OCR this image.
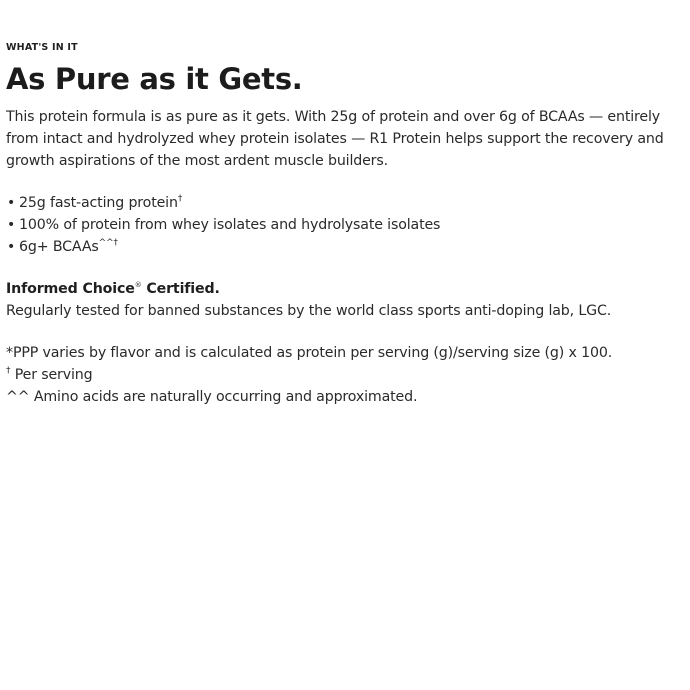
WHAT'S IN IT
As Pure as it Gets.

This protein formula is as pure as it gets. With 25g of protein and over 6g of BCAAs — entirely from intact and hydrolyzed whey protein isolates — R1 Protein helps support the recovery and growth aspirations of the most ardent muscle builders.

• 25g fast-acting protein†
• 100% of protein from whey isolates and hydrolysate isolates
• 6g+ BCAAs^^†
Informed Choice® Certified.

Regularly tested for banned substances by the world class sports anti-doping lab, LGC.

*PPP varies by flavor and is calculated as protein per serving (g)/serving size (g) x 100.

† Per serving

^^ Amino acids are naturally occurring and approximated.
